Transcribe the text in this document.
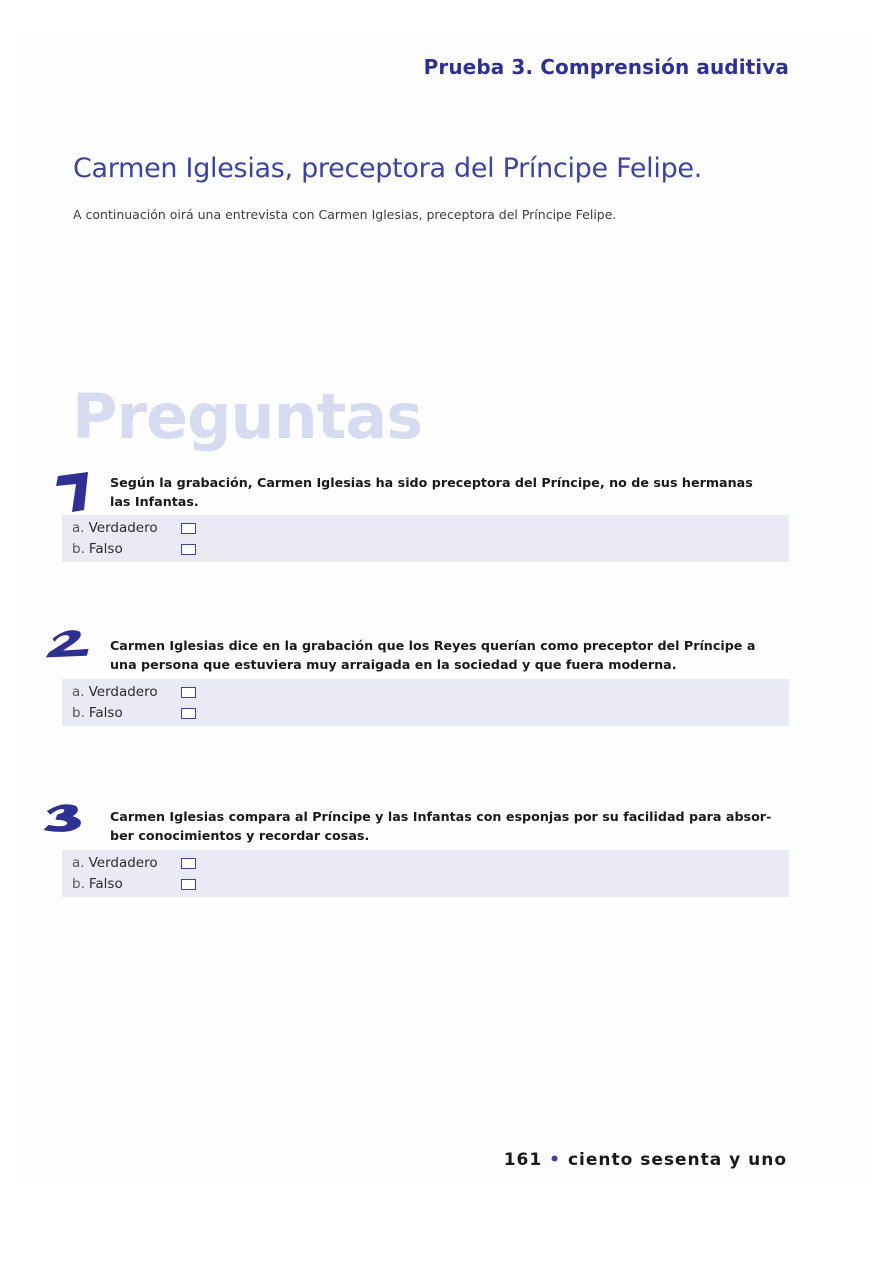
Prueba 3. Comprensión auditiva
Carmen Iglesias, preceptora del Príncipe Felipe.
A continuación oirá una entrevista con Carmen Iglesias, preceptora del Príncipe Felipe.
Preguntas
Según la grabación, Carmen Iglesias ha sido preceptora del Príncipe, no de sus hermanas
las Infantas.
a. Verdadero
b. Falso
Carmen Iglesias dice en la grabación que los Reyes querían como preceptor del Príncipe a
una persona que estuviera muy arraigada en la sociedad y que fuera moderna.
a. Verdadero
b. Falso
Carmen Iglesias compara al Príncipe y las Infantas con esponjas por su facilidad para absor-
ber conocimientos y recordar cosas.
a. Verdadero
b. Falso
161 • ciento sesenta y uno
